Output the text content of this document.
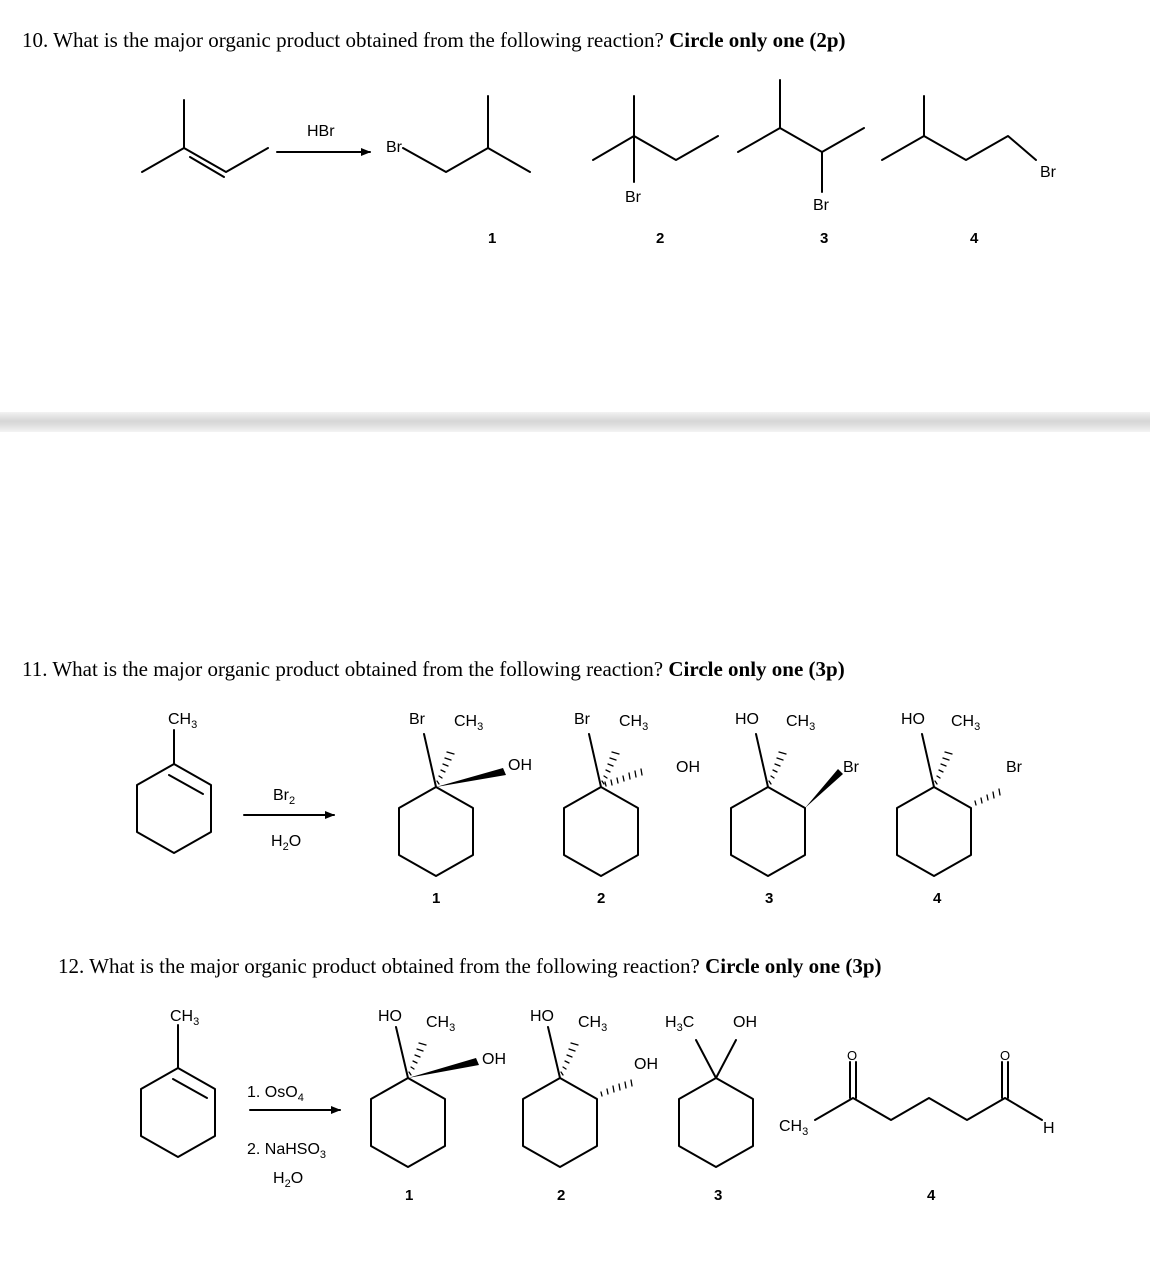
10. What is the major organic product obtained from the following reaction? Circle only one (2p)
11. What is the major organic product obtained from the following reaction? Circle only one (3p)
12. What is the major organic product obtained from the following reaction? Circle only one (3p)
HBr
Br
1
Br
2
Br
3
Br
4
$CH_3$
$Br_2$
$H_2O$
Br $CH_3$
OH
1
Br $CH_3$
OH
2
HO $CH_3$
Br
3
HO $CH_3$
Br
4
$CH_3$
1. OsO$_4$
2. NaHSO$_3$
$H_2O$
HO $CH_3$
OH
1
HO $CH_3$
OH
2
$H_3C$ OH
3
O	O
$CH_3$	H
4
